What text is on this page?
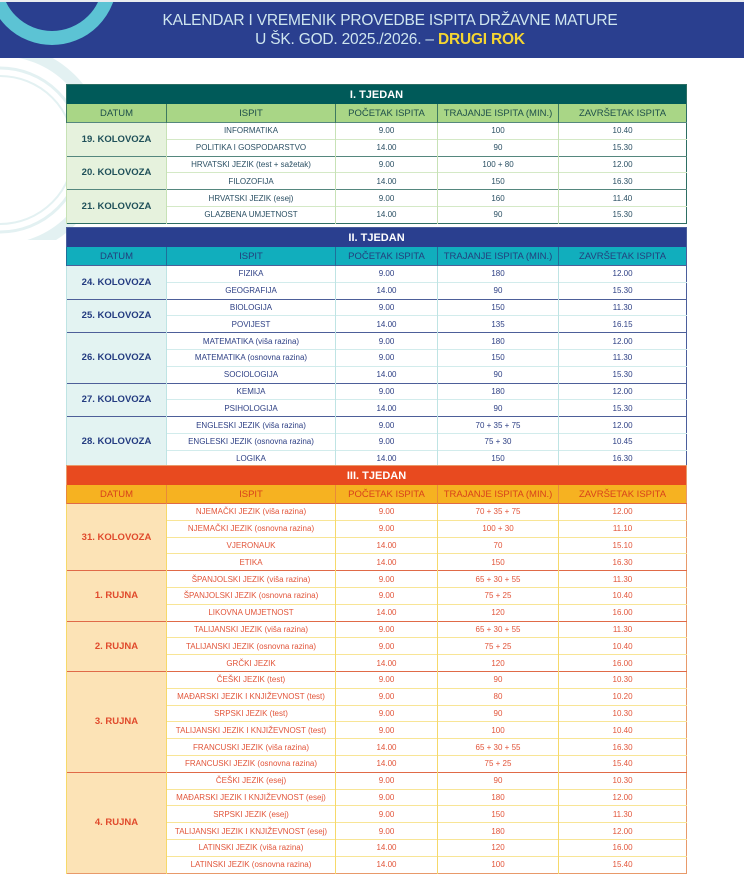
KALENDAR I VREMENIK PROVEDBE ISPITA DRŽAVNE MATURE
U ŠK. GOD. 2025./2026. – DRUGI ROK
I. TJEDAN				
DATUM	ISPIT	POČETAK ISPITA	TRAJANJE ISPITA (MIN.)	ZAVRŠETAK ISPITA
19. KOLOVOZA	INFORMATIKA	9.00	100	10.40
	POLITIKA I GOSPODARSTVO	14.00	90	15.30
20. KOLOVOZA	HRVATSKI JEZIK (test + sažetak)	9.00	100 + 80	12.00
	FILOZOFIJA	14.00	150	16.30
21. KOLOVOZA	HRVATSKI JEZIK (esej)	9.00	160	11.40
	GLAZBENA UMJETNOST	14.00	90	15.30
II. TJEDAN				
DATUM	ISPIT	POČETAK ISPITA	TRAJANJE ISPITA (MIN.)	ZAVRŠETAK ISPITA
24. KOLOVOZA	FIZIKA	9.00	180	12.00
	GEOGRAFIJA	14.00	90	15.30
25. KOLOVOZA	BIOLOGIJA	9.00	150	11.30
	POVIJEST	14.00	135	16.15
26. KOLOVOZA	MATEMATIKA (viša razina)	9.00	180	12.00
	MATEMATIKA (osnovna razina)	9.00	150	11.30
	SOCIOLOGIJA	14.00	90	15.30
27. KOLOVOZA	KEMIJA	9.00	180	12.00
	PSIHOLOGIJA	14.00	90	15.30
28. KOLOVOZA	ENGLESKI JEZIK (viša razina)	9.00	70 + 35 + 75	12.00
	ENGLESKI JEZIK (osnovna razina)	9.00	75 + 30	10.45
	LOGIKA	14.00	150	16.30
III. TJEDAN				
DATUM	ISPIT	POČETAK ISPITA	TRAJANJE ISPITA (MIN.)	ZAVRŠETAK ISPITA
31. KOLOVOZA	NJEMAČKI JEZIK (viša razina)	9.00	70 + 35 + 75	12.00
	NJEMAČKI JEZIK (osnovna razina)	9.00	100 + 30	11.10
	VJERONAUK	14.00	70	15.10
	ETIKA	14.00	150	16.30
1. RUJNA	ŠPANJOLSKI JEZIK (viša razina)	9.00	65 + 30 + 55	11.30
	ŠPANJOLSKI JEZIK (osnovna razina)	9.00	75 + 25	10.40
	LIKOVNA UMJETNOST	14.00	120	16.00
2. RUJNA	TALIJANSKI JEZIK (viša razina)	9.00	65 + 30 + 55	11.30
	TALIJANSKI JEZIK (osnovna razina)	9.00	75 + 25	10.40
	GRČKI JEZIK	14.00	120	16.00
3. RUJNA	ČEŠKI JEZIK (test)	9.00	90	10.30
	MAĐARSKI JEZIK I KNJIŽEVNOST (test)	9.00	80	10.20
	SRPSKI JEZIK (test)	9.00	90	10.30
	TALIJANSKI JEZIK I KNJIŽEVNOST (test)	9.00	100	10.40
	FRANCUSKI JEZIK (viša razina)	14.00	65 + 30 + 55	16.30
	FRANCUSKI JEZIK (osnovna razina)	14.00	75 + 25	15.40
4. RUJNA	ČEŠKI JEZIK (esej)	9.00	90	10.30
	MAĐARSKI JEZIK I KNJIŽEVNOST (esej)	9.00	180	12.00
	SRPSKI JEZIK (esej)	9.00	150	11.30
	TALIJANSKI JEZIK I KNJIŽEVNOST (esej)	9.00	180	12.00
	LATINSKI JEZIK (viša razina)	14.00	120	16.00
	LATINSKI JEZIK (osnovna razina)	14.00	100	15.40
